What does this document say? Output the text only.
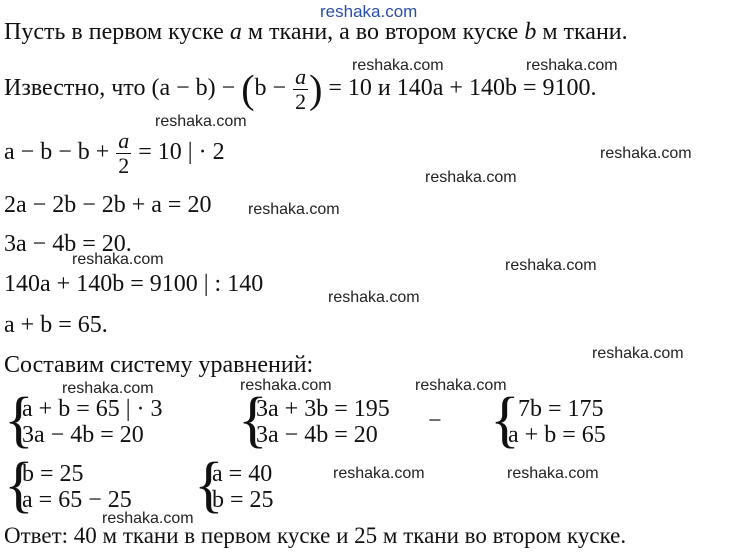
reshaka.com
reshaka.com	reshaka.com
reshaka.com
reshaka.com
reshaka.com
reshaka.com
reshaka.com	reshaka.com
reshaka.com
reshaka.com
reshaka.com	reshaka.com	reshaka.com
reshaka.com	reshaka.com
reshaka.com
Пусть в первом куске a м ткани, а во втором куске b м ткани.
Известно, что $(a - b) - (b - \frac{a}{2}$ ) = 10 и 140a + 140b = 9100.
$a - b - b + \frac{a}{2} = 10$ | · 2
2a − 2b − 2b + a = 20
3a − 4b = 20.
140a + 140b = 9100 | : 140
a + b = 65.
Составим систему уравнений:
{
a + b = 65 | · 3
3a − 4b = 20 {
3a + 3b = 195
3a − 4b = 20
− {
7b = 175
a + b = 65
{
b = 25
a = 65 − 25 {
a = 40
b = 25
Ответ: 40 м ткани в первом куске и 25 м ткани во втором куске.
